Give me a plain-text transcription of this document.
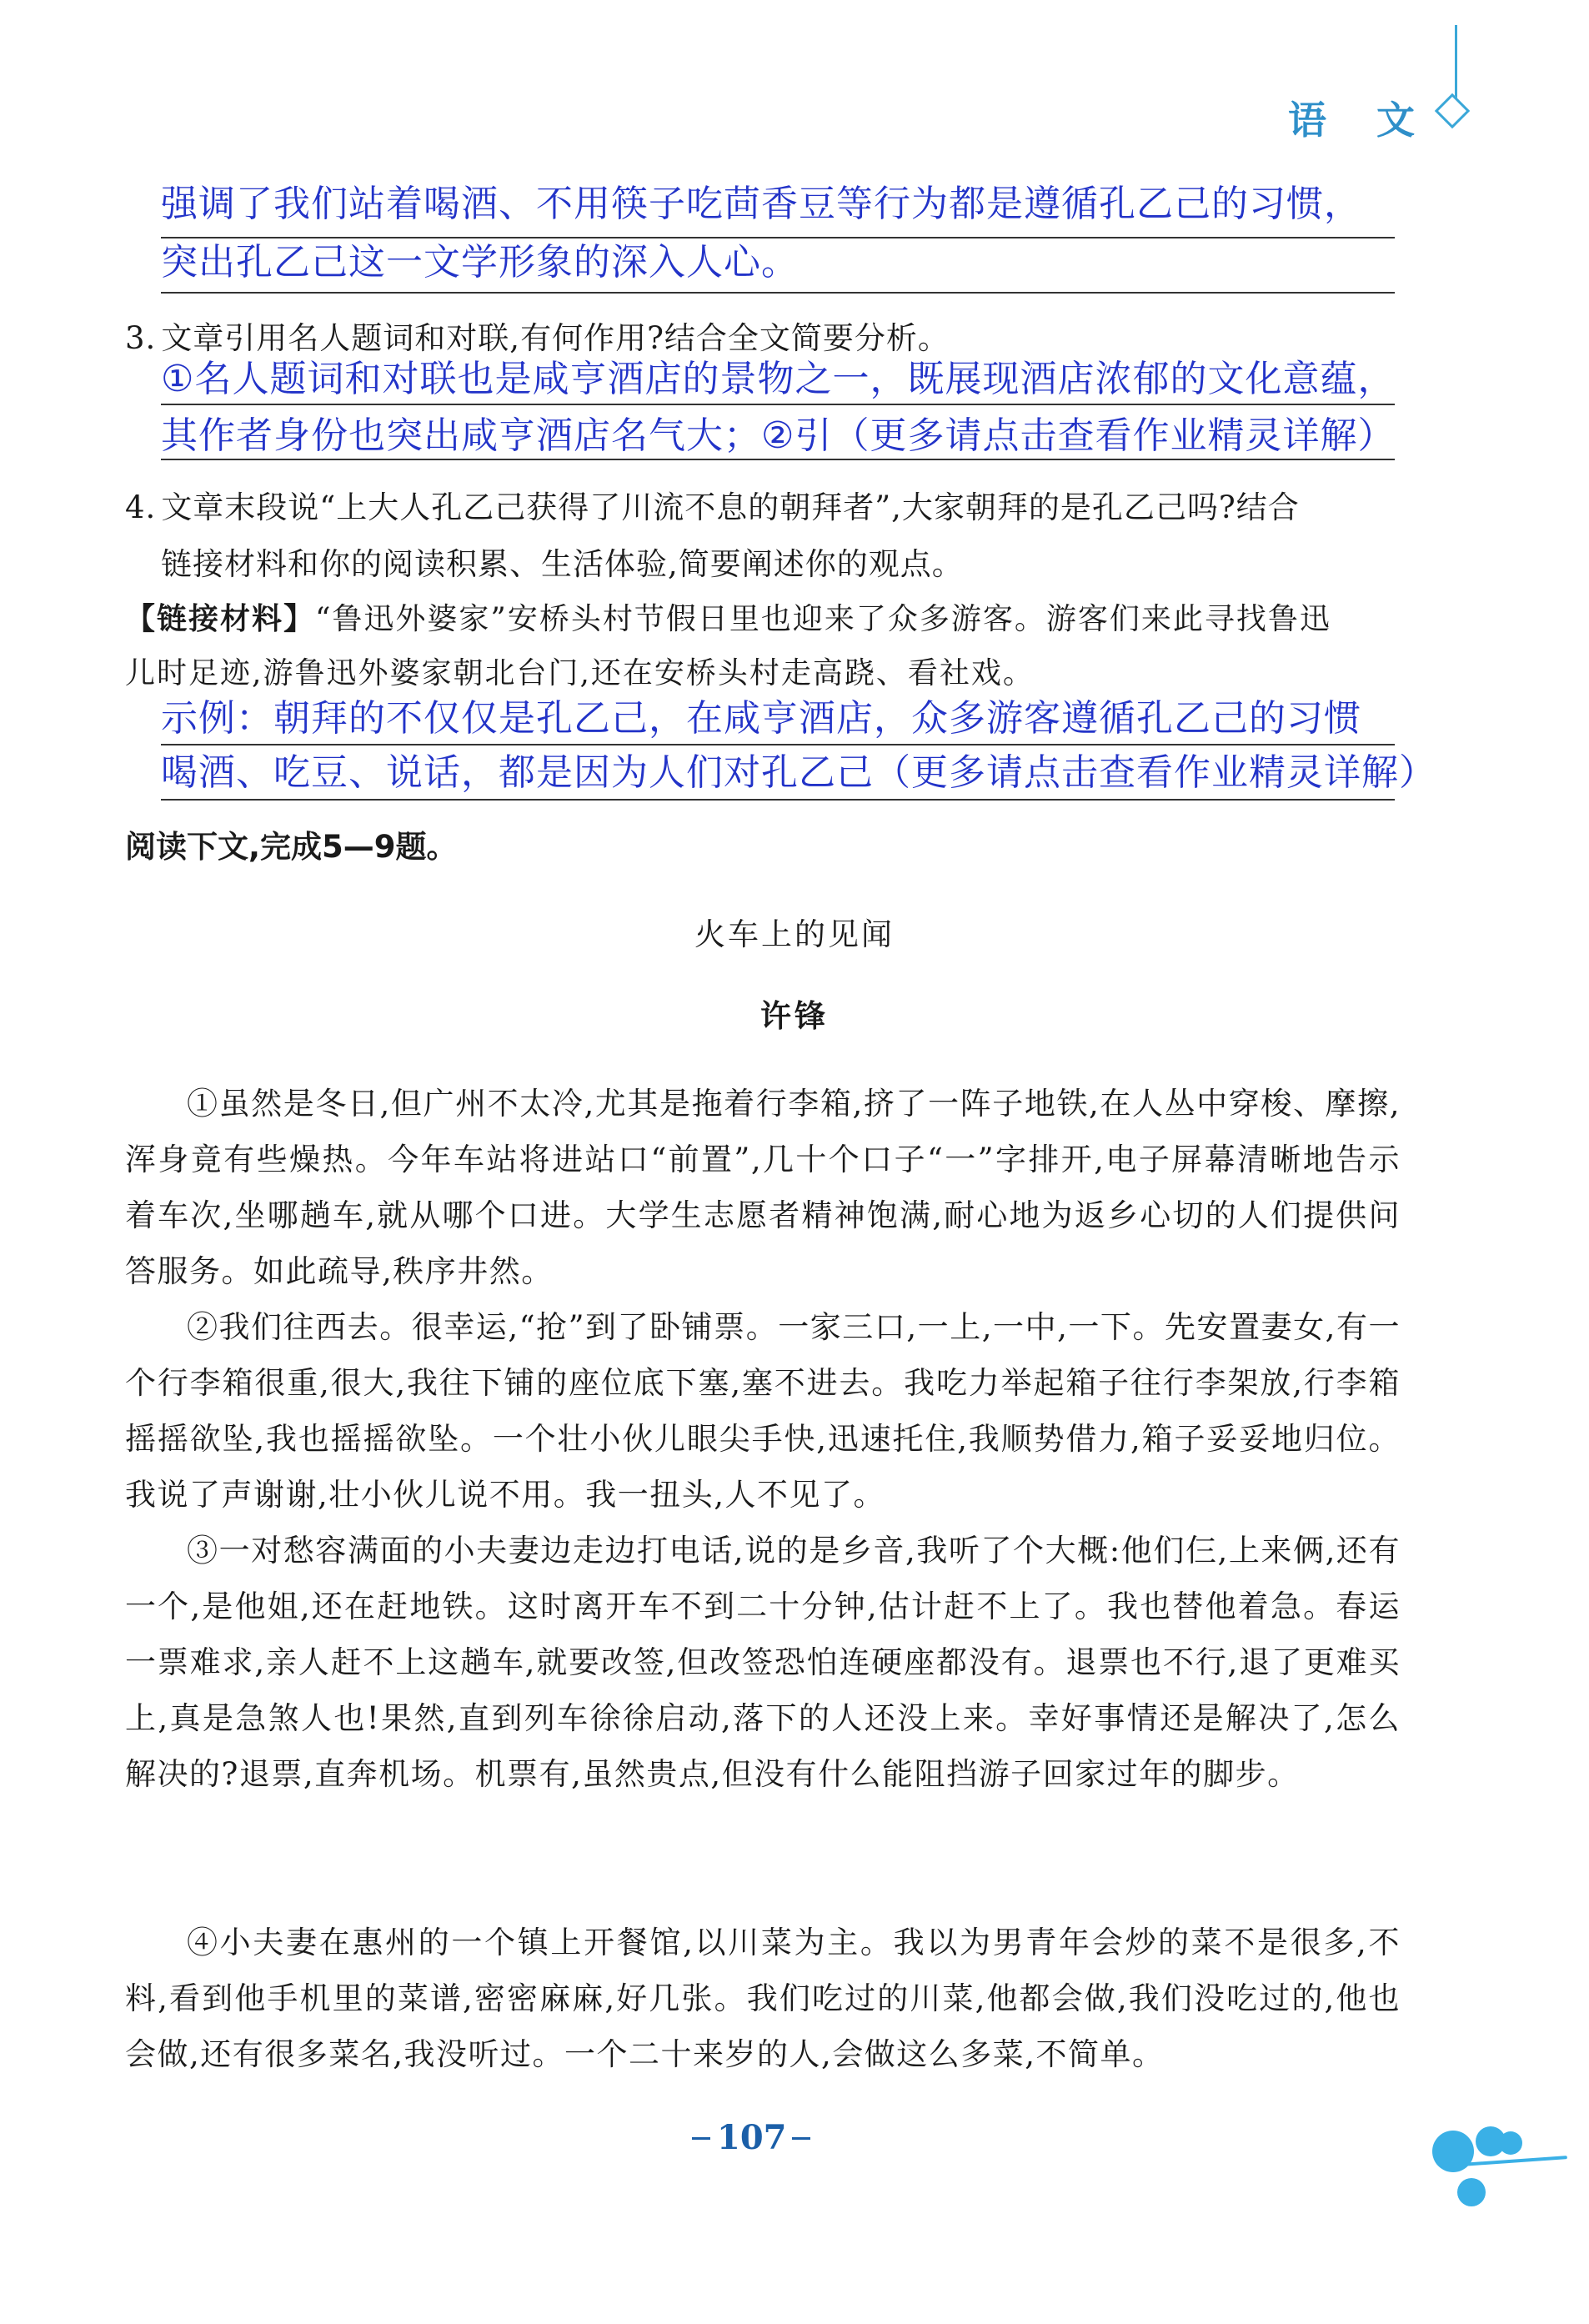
语 文
强调了我们站着喝酒、不用筷子吃茴香豆等行为都是遵循孔乙己的习惯，
突出孔乙己这一文学形象的深入人心。
3. 文章引用名人题词和对联,有何作用?结合全文简要分析。
①名人题词和对联也是咸亨酒店的景物之一，既展现酒店浓郁的文化意蕴，
其作者身份也突出咸亨酒店名气大；②引（更多请点击查看作业精灵详解）
4. 文章末段说“上大人孔乙己获得了川流不息的朝拜者”,大家朝拜的是孔乙己吗?结合
链接材料和你的阅读积累、生活体验,简要阐述你的观点。
【链接材料】“鲁迅外婆家”安桥头村节假日里也迎来了众多游客。游客们来此寻找鲁迅
儿时足迹,游鲁迅外婆家朝北台门,还在安桥头村走高跷、看社戏。
示例：朝拜的不仅仅是孔乙己，在咸亨酒店，众多游客遵循孔乙己的习惯
喝酒、吃豆、说话，都是因为人们对孔乙己（更多请点击查看作业精灵详解）
阅读下文,完成5—9题。
火车上的见闻
许锋

①虽然是冬日,但广州不太冷,尤其是拖着行李箱,挤了一阵子地铁,在人丛中穿梭、摩擦,浑身竟有些燥热。今年车站将进站口“前置”,几十个口子“一”字排开,电子屏幕清晰地告示着车次,坐哪趟车,就从哪个口进。大学生志愿者精神饱满,耐心地为返乡心切的人们提供问答服务。如此疏导,秩序井然。

②我们往西去。很幸运,“抢”到了卧铺票。一家三口,一上,一中,一下。先安置妻女,有一个行李箱很重,很大,我往下铺的座位底下塞,塞不进去。我吃力举起箱子往行李架放,行李箱摇摇欲坠,我也摇摇欲坠。一个壮小伙儿眼尖手快,迅速托住,我顺势借力,箱子妥妥地归位。我说了声谢谢,壮小伙儿说不用。我一扭头,人不见了。

③一对愁容满面的小夫妻边走边打电话,说的是乡音,我听了个大概:他们仨,上来俩,还有一个,是他姐,还在赶地铁。这时离开车不到二十分钟,估计赶不上了。我也替他着急。春运一票难求,亲人赶不上这趟车,就要改签,但改签恐怕连硬座都没有。退票也不行,退了更难买上,真是急煞人也!果然,直到列车徐徐启动,落下的人还没上来。幸好事情还是解决了,怎么解决的?退票,直奔机场。机票有,虽然贵点,但没有什么能阻挡游子回家过年的脚步。

④小夫妻在惠州的一个镇上开餐馆,以川菜为主。我以为男青年会炒的菜不是很多,不料,看到他手机里的菜谱,密密麻麻,好几张。我们吃过的川菜,他都会做,我们没吃过的,他也会做,还有很多菜名,我没听过。一个二十来岁的人,会做这么多菜,不简单。

107
